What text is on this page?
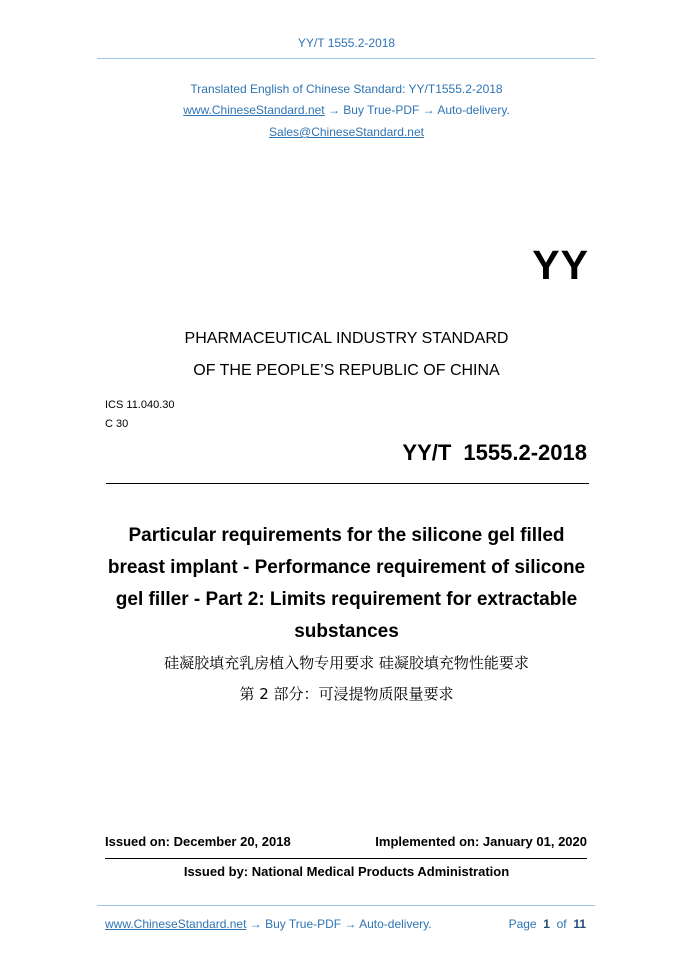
YY/T 1555.2-2018
Translated English of Chinese Standard: YY/T1555.2-2018
www.ChineseStandard.net → Buy True-PDF → Auto-delivery.
Sales@ChineseStandard.net
YY
PHARMACEUTICAL INDUSTRY STANDARD
OF THE PEOPLE’S REPUBLIC OF CHINA
ICS 11.040.30
C 30
YY/T 1555.2-2018
Particular requirements for the silicone gel filled breast implant - Performance requirement of silicone gel filler - Part 2: Limits requirement for extractable substances
硅凝胶填充乳房植入物专用要求 硅凝胶填充物性能要求
第 2 部分：可浸提物质限量要求
Issued on: December 20, 2018	Implemented on: January 01, 2020
Issued by: National Medical Products Administration
www.ChineseStandard.net → Buy True-PDF → Auto-delivery.	Page 1 of 11
